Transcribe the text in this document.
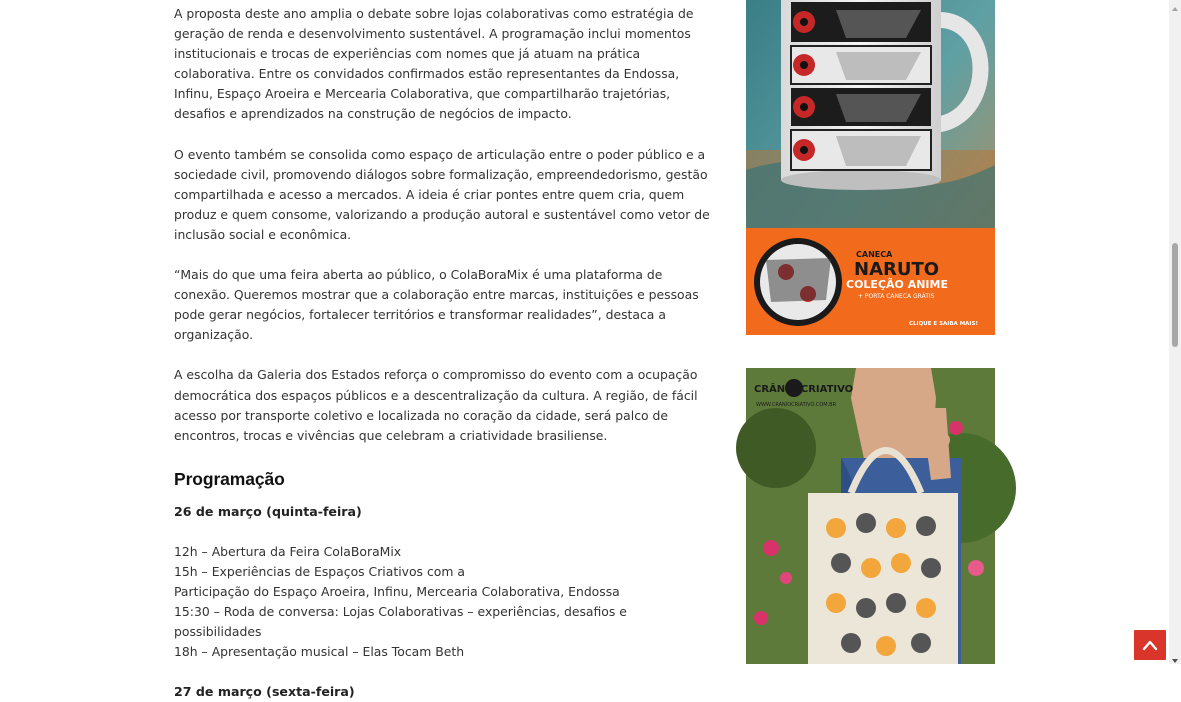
A proposta deste ano amplia o debate sobre lojas colaborativas como estratégia de geração de renda e desenvolvimento sustentável. A programação inclui momentos institucionais e trocas de experiências com nomes que já atuam na prática colaborativa. Entre os convidados confirmados estão representantes da Endossa, Infinu, Espaço Aroeira e Mercearia Colaborativa, que compartilharão trajetórias, desafios e aprendizados na construção de negócios de impacto.

O evento também se consolida como espaço de articulação entre o poder público e a sociedade civil, promovendo diálogos sobre formalização, empreendedorismo, gestão compartilhada e acesso a mercados. A ideia é criar pontes entre quem cria, quem produz e quem consome, valorizando a produção autoral e sustentável como vetor de inclusão social e econômica.

“Mais do que uma feira aberta ao público, o ColaBoraMix é uma plataforma de conexão. Queremos mostrar que a colaboração entre marcas, instituições e pessoas pode gerar negócios, fortalecer territórios e transformar realidades”, destaca a organização.

A escolha da Galeria dos Estados reforça o compromisso do evento com a ocupação democrática dos espaços públicos e a descentralização da cultura. A região, de fácil acesso por transporte coletivo e localizada no coração da cidade, será palco de encontros, trocas e vivências que celebram a criatividade brasiliense.

Programação
26 de março (quinta-feira)
12h – Abertura da Feira ColaBoraMix
15h – Experiências de Espaços Criativos com a
Participação do Espaço Aroeira, Infinu, Mercearia Colaborativa, Endossa
15:30 – Roda de conversa: Lojas Colaborativas – experiências, desafios e possibilidades
18h – Apresentação musical – Elas Tocam Beth
27 de março (sexta-feira)
CANECA
NARUTO
COLEÇÃO ANIME
+ PORTA CANECA GRÁTIS
CLIQUE E SAIBA MAIS!
CRÂNIO CRIATIVO
WWW.CRANIOCRIATIVO.COM.BR
